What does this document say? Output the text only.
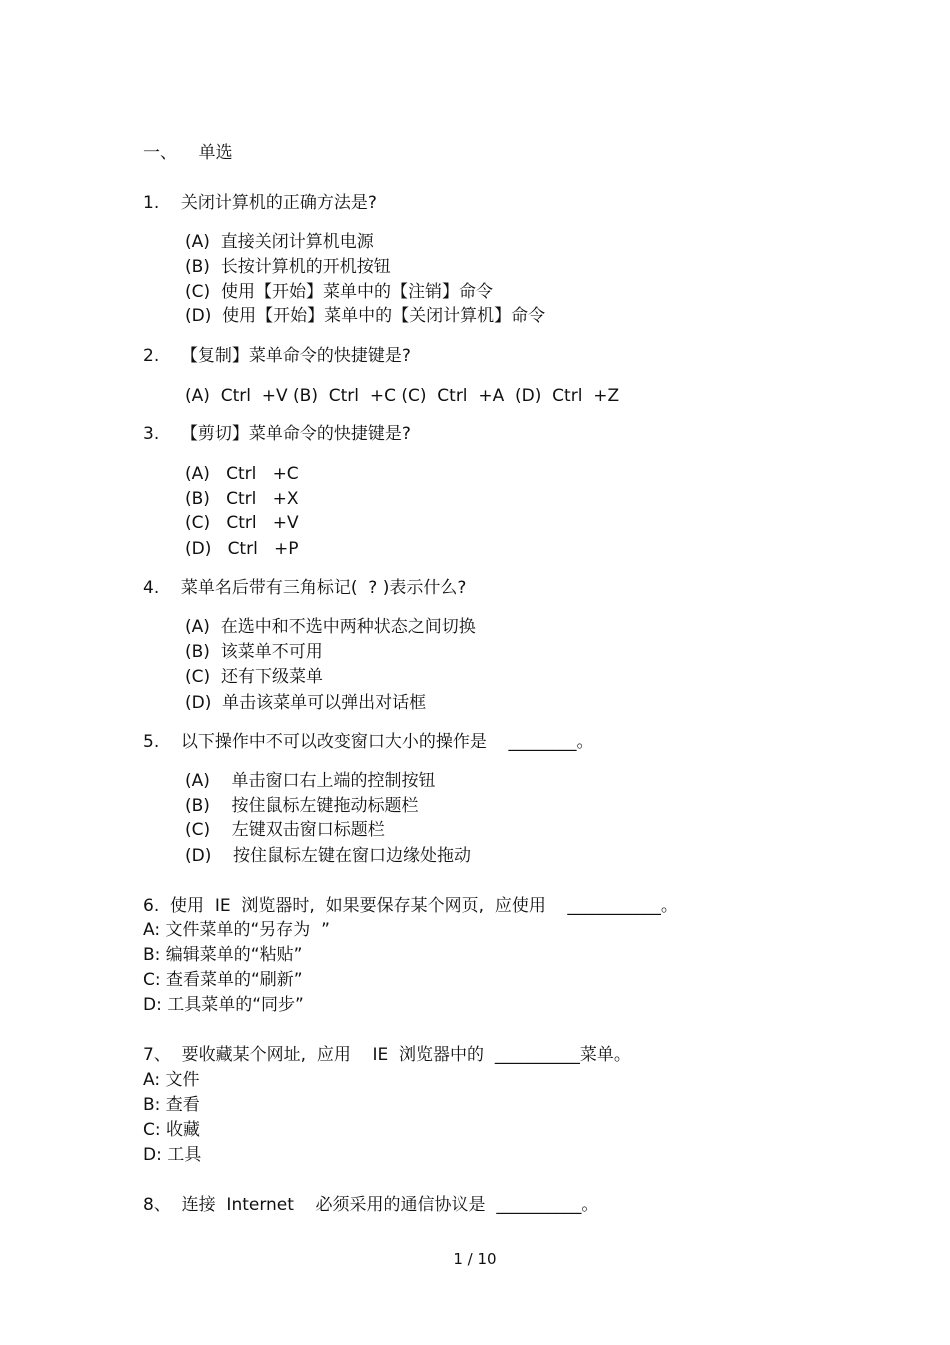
一、    单选
1.    关闭计算机的正确方法是?
(A)  直接关闭计算机电源
(B)  长按计算机的开机按钮
(C)  使用【开始】菜单中的【注销】命令
(D)  使用【开始】菜单中的【关闭计算机】命令
2.    【复制】菜单命令的快捷键是?
(A)  Ctrl  +V (B)  Ctrl  +C (C)  Ctrl  +A  (D)  Ctrl  +Z
3.    【剪切】菜单命令的快捷键是?
(A)   Ctrl   +C
(B)   Ctrl   +X
(C)   Ctrl   +V
(D)   Ctrl   +P
4.    菜单名后带有三角标记(  ? )表示什么?
(A)  在选中和不选中两种状态之间切换
(B)  该菜单不可用
(C)  还有下级菜单
(D)  单击该菜单可以弹出对话框
5.    以下操作中不可以改变窗口大小的操作是    ________。
(A)    单击窗口右上端的控制按钮
(B)    按住鼠标左键拖动标题栏
(C)    左键双击窗口标题栏
(D)    按住鼠标左键在窗口边缘处拖动
6.  使用  IE  浏览器时,  如果要保存某个网页,  应使用    ___________。
A: 文件菜单的“另存为  ”
B: 编辑菜单的“粘贴”
C: 查看菜单的“刷新”
D: 工具菜单的“同步”
7、  要收藏某个网址,  应用    IE  浏览器中的  __________菜单。
A: 文件
B: 查看
C: 收藏
D: 工具
8、  连接  Internet    必须采用的通信协议是  __________。
1 / 10
